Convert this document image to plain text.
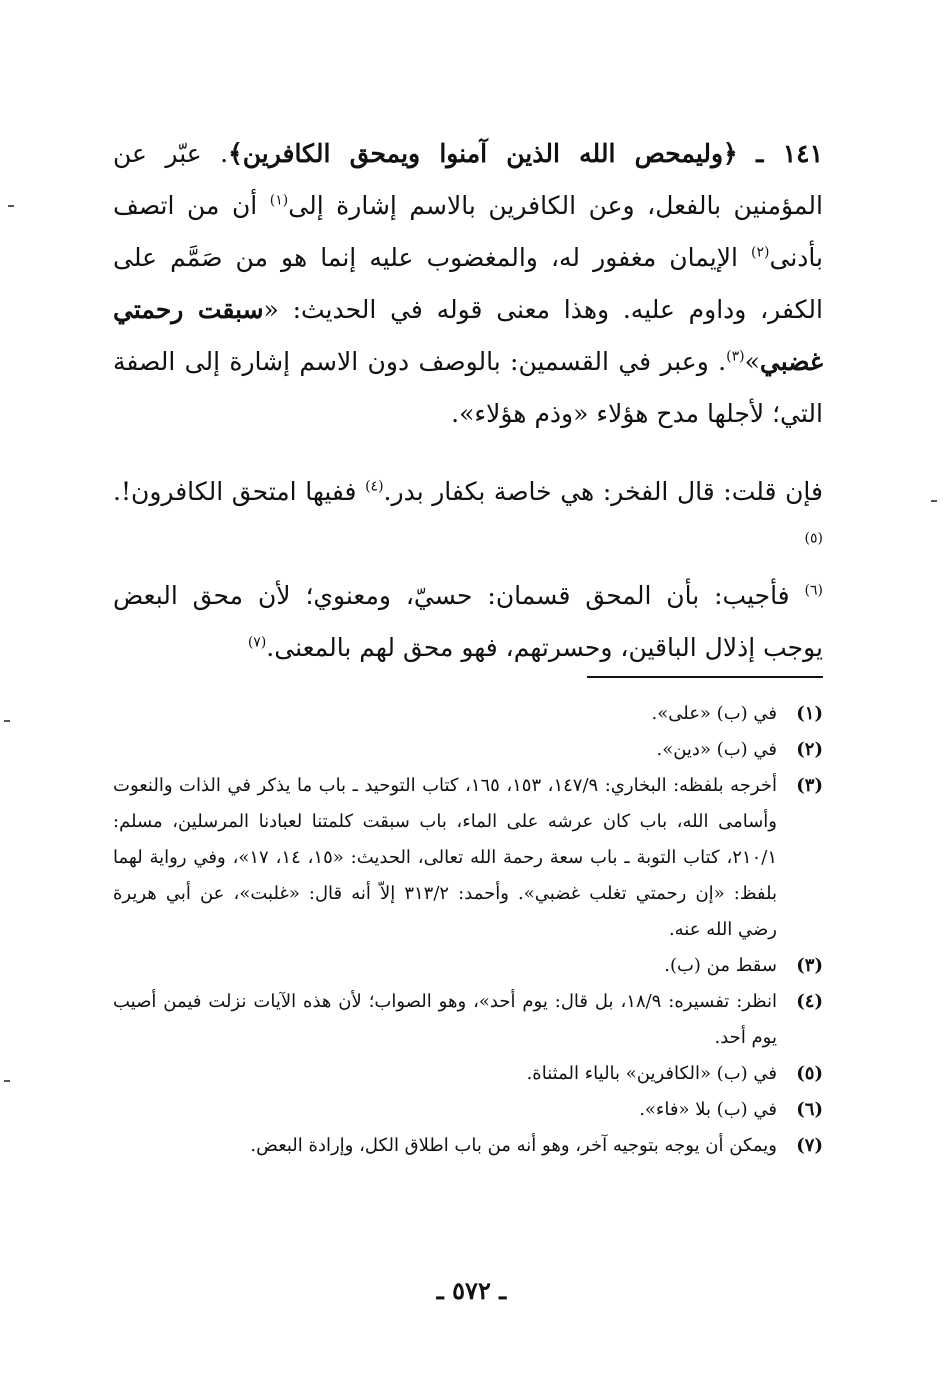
١٤١ ـ ﴿وليمحص الله الذين آمنوا ويمحق الكافرين﴾. عبّر عن المؤمنين بالفعل، وعن الكافرين بالاسم إشارة إلى$^{(١)}$ أن من اتصف بأدنى$^{(٢)}$ الإيمان مغفور له، والمغضوب عليه إنما هو من صَمَّم على الكفر، وداوم عليه. وهذا معنى قوله في الحديث: «سبقت رحمتي غضبي»$^{(٣)}$. وعبر في القسمين: بالوصف دون الاسم إشارة إلى الصفة التي؛ لأجلها مدح هؤلاء «وذم هؤلاء».
فإن قلت: قال الفخر: هي خاصة بكفار بدر.$^{(٤)}$ ففيها امتحق الكافرون!.$^{(٥)}$
$^{(٦)}$ فأجيب: بأن المحق قسمان: حسيّ، ومعنوي؛ لأن محق البعض يوجب إذلال الباقين، وحسرتهم، فهو محق لهم بالمعنى.$^{(٧)}$
(١)
في (ب) «على».
(٢)
في (ب) «دين».
(٣)
أخرجه بلفظه: البخاري: ١٤٧/٩، ١٥٣، ١٦٥، كتاب التوحيد ـ باب ما يذكر في الذات والنعوت وأسامى الله، باب كان عرشه على الماء، باب سبقت كلمتنا لعبادنا المرسلين، مسلم: ٢١٠/١، كتاب التوبة ـ باب سعة رحمة الله تعالى، الحديث: «١٥، ١٤، ١٧»، وفي رواية لهما بلفظ: «إن رحمتي تغلب غضبي». وأحمد: ٣١٣/٢ إلاّ أنه قال: «غلبت»، عن أبي هريرة رضي الله عنه.
(٣)
سقط من (ب).
(٤)
انظر: تفسيره: ١٨/٩، بل قال: يوم أحد»، وهو الصواب؛ لأن هذه الآيات نزلت فيمن أصيب يوم أحد.
(٥)
في (ب) «الكافرين» بالياء المثناة.
(٦)
في (ب) بلا «فاء».
(٧)
ويمكن أن يوجه بتوجيه آخر، وهو أنه من باب اطلاق الكل، وإرادة البعض.
ـ ٥٧٢ ـ
